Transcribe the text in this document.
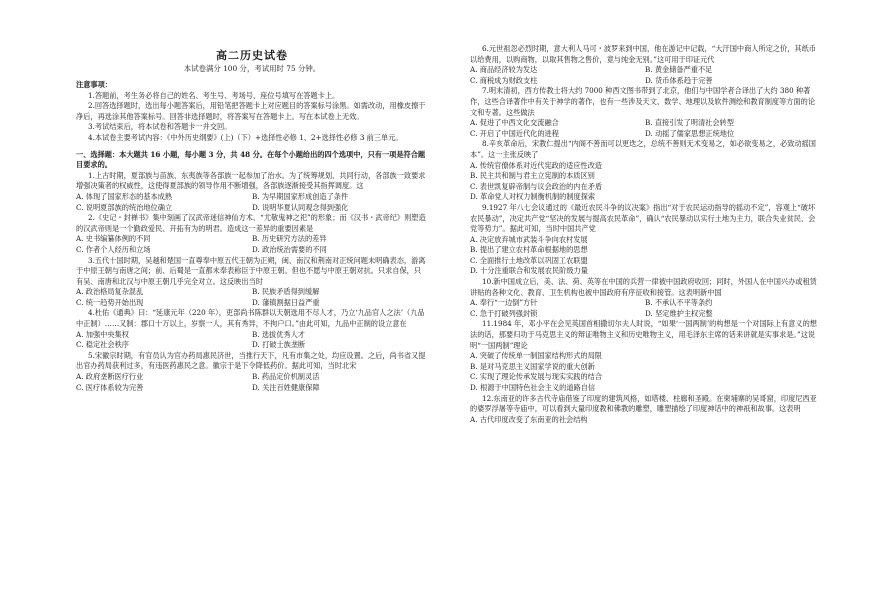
高二历史试卷
本试卷满分 100 分，考试用时 75 分钟。

注意事项：

1.答题前，考生务必将自己的姓名、考生号、考场号、座位号填写在答题卡上。

2.回答选择题时，选出每小题答案后，用铅笔把答题卡上对应题目的答案标号涂黑。如需改动，用橡皮擦干净后，再选涂其他答案标号。回答非选择题时，将答案写在答题卡上。写在本试卷上无效。

3.考试结束后，将本试卷和答题卡一并交回。

4.本试卷主要考试内容：《中外历史纲要》(上)（下）+选择性必修 1、2+选择性必修 3 前三单元。

一、选择题：本大题共 16 小题，每小题 3 分，共 48 分。在每个小题给出的四个选项中，只有一项是符合题目要求的。

1.上古时期，夏部族与苗族、东夷族等各部族一起参加了治水。为了统筹规划、共同行动，各部族一致要求增强决策者的权威性，这使得夏部族的领导作用不断增强，各部族逐渐接受其指挥调度。这

A. 体现了国家形态的基本成熟	B. 为早期国家形成创造了条件
C. 说明夏部族的统治地位确立	D. 说明华夏认同观念得到强化

2.《史记・封禅书》集中刻画了汉武帝迷信神仙方术、“尤敬鬼神之祀”的形象；而《汉书・武帝纪》则塑造的汉武帝则是一个勤政爱民、开拓有为的明君。造成这一差异的重要因素是

A. 史书编纂体例的不同	B. 历史研究方法的差异
C. 作者个人经历和立场	D. 政治统治需要的不同

3.五代十国时期，吴越和楚国一直尊奉中原五代王朝为正朔，闽、南汉和荆南对正统问题未明确表态，游离于中原王朝与南唐之间；前、后蜀是一直都未奉表称臣于中原王朝。但也不愿与中原王朝对抗。只求自保，只有吴、南唐和北汉与中原王朝几乎完全对立。这反映出当时

A. 政治格局复杂混乱	B. 民族矛盾得到缓解
C. 统一趋势开始出现	D. 藩镇割据日益严重

4.杜佑《通典》曰：“延康元年（220 年），吏部尚书陈群以天朝选用不尽人才，乃立‘九品官人之法’（九品中正制）……又制：郡口十万以上，岁察一人，其有秀异，不拘户口。”由此可知，九品中正制的设立意在

A. 加强中央集权	B. 选拔优秀人才
C. 稳定社会秩序	D. 打破士族垄断

5.宋徽宗时期，有官员认为官办药局惠民济世，当推行天下，凡有市集之处，均应设置。之后，尚书省又提出官办药局获利过多，有违医药惠民之意。徽宗于是下令降低药价。据此可知，当时北宋

A. 政府垄断医疗行业	B. 药品定价机制灵活
C. 医疗体系较为完善	D. 关注百姓健康保障

6.元世祖忽必烈时期，意大利人马可・波罗来到中国，他在游记中记载，“大汗国中商人所定之价，其纸币以给费用，以购商物，以取其售物之售价，竟与纯金无别。”这可用于印证元代

A. 商品经济较为发达	B. 黄金储备严重不足
C. 商税成为财政支柱	D. 货币体系趋于完善

7.明末清初，西方传教士将大约 7000 种西文图书带到了北京，他们与中国学者合译出了大约 380 种著作，这些合译著作中有关于神学的著作，也有一些涉及天文、数学、地理以及软件测绘和教育制度等方面的论文和专著。这些做法

A. 促进了中西文化交流融合	B. 直接引发了明清社会转型
C. 开启了中国近代化的进程	D. 动摇了儒家思想正统地位

8.辛亥革命后，宋教仁提出“内阁不善而可以更迭之，总统不善则无术变易之，如必欲变易之，必致动摇国本”。这一主张反映了

A. 传统官僚体系对近代宪政的适应性改造

B. 民主共和制与君主立宪制的本质区别

C. 表世凯复辟帝制与议会政治的内在矛盾

D. 革命党人对权力制衡机制的制度探索

9.1927 年八七会议通过的《最近农民斗争的议决案》指出“对于农民运动指导的摇动不定”，容观上“破坏农民暴动”，决定共产党“坚决的发展与提高农民革命”，确认“农民暴动以实行土地为主力，联合失业贫民、会党等势力”。据此可知，当时中国共产党

A. 决定放弃城市武装斗争向农村发展

B. 提出了建立农村革命根据地的思想

C. 全面推行土地改革以巩固工农联盟

D. 十分注重联合和发展农民阶级力量

10.新中国成立后，美、法、荷、英等在中国的兵营一律被中国政府收回；同时，外国人在中国兴办或租赁讲贴的各种文化、教育、卫生机构也被中国政府有序征收和接管。这表明新中国

A. 奉行“一边倒”方针	B. 不承认不平等条约
C. 急于打破列强封锁	D. 坚定维护主权完整

11.1984 年，邓小平在会见英国首相撒切尔夫人时说，“如果‘一国两制’的构想是一个对国际上有意义的想法的话，那要归功于马克思主义的辩证唯物主义和历史唯物主义，用毛泽东主席的话来讲就是实事求是。”这说明“一国两制”理论

A. 突破了传统单一制国家结构形式的局限

B. 是对马克思主义国家学说的重大创新

C. 实现了理论传承发展与现实实践的结合

D. 根源于中国特色社会主义的道路自信

12.东南亚的许多古代寺庙借鉴了印度的建筑风格，如塔楼、柱廊和圣殿。在柬埔寨的吴哥窟，印度尼西亚的婆罗浮屠等寺庙中，可以看到大量印度教和佛教的雕塑，雕塑描绘了印度神话中的神祇和故事。这表明

A. 古代印度改变了东南亚的社会结构
